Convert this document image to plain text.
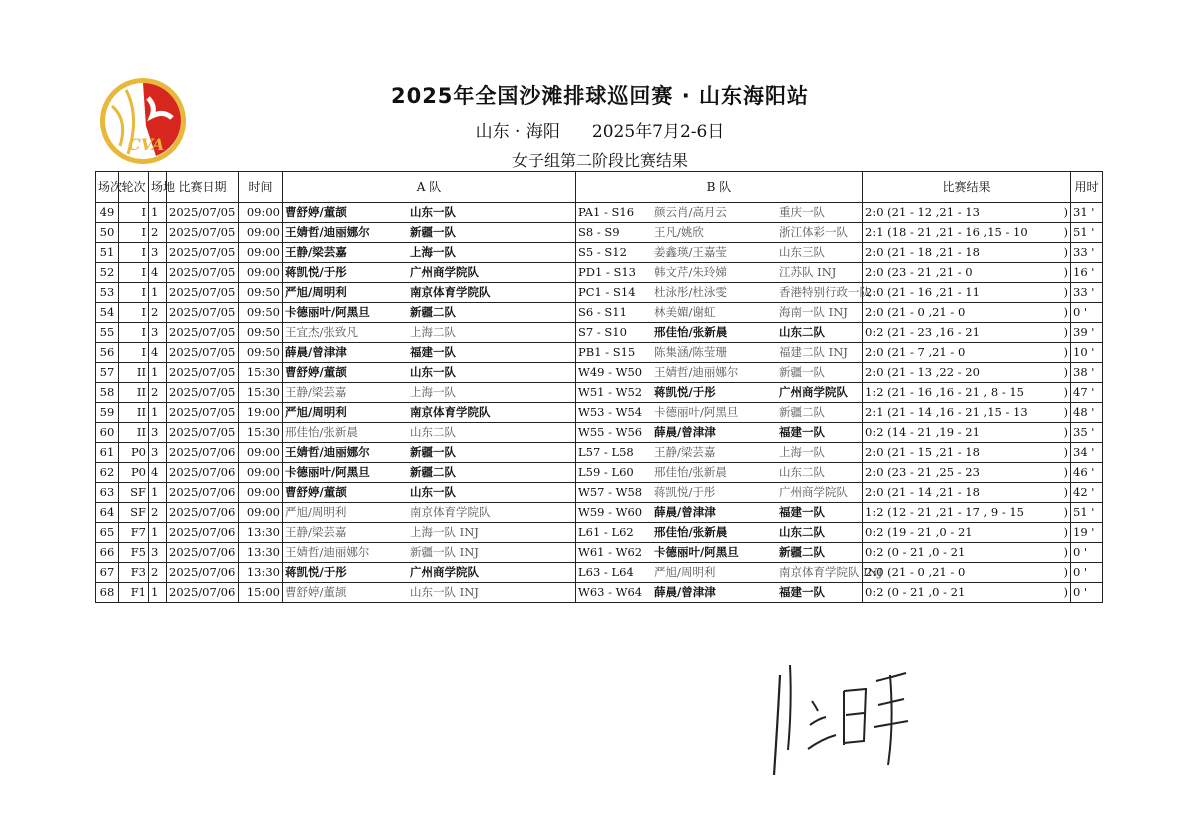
CVA
2025年全国沙滩排球巡回赛 · 山东海阳站
山东 · 海阳 2025年7月2-6日
女子组第二阶段比赛结果
场次	轮次	场地	比赛日期	时间	A 队	B 队	比赛结果	用时
49	I	1	2025/07/05	09:00	曹舒婷/董颉 山东一队	PA1 - S16 颜云肖/高月云 重庆一队	2:0 (21 - 12 ,21 - 13 )	31 '
50	I	2	2025/07/05	09:00	王婧哲/迪丽娜尔 新疆一队	S8 - S9 王凡/姚欣 浙江体彩一队	2:1 (18 - 21 ,21 - 16 ,15 - 10 )	51 '
51	I	3	2025/07/05	09:00	王静/梁芸嘉 上海一队	S5 - S12 姜鑫瑛/王嘉莹 山东三队	2:0 (21 - 18 ,21 - 18 )	33 '
52	I	4	2025/07/05	09:00	蒋凯悦/于彤 广州商学院队	PD1 - S13 韩文芹/朱玲娣 江苏队 INJ	2:0 (23 - 21 ,21 - 0 )	16 '
53	I	1	2025/07/05	09:50	严旭/周明利 南京体育学院队	PC1 - S14 杜泳彤/杜泳雯 香港特别行政一队	2:0 (21 - 16 ,21 - 11 )	33 '
54	I	2	2025/07/05	09:50	卡德丽叶/阿黑旦 新疆二队	S6 - S11 林美媚/谢虹 海南一队 INJ	2:0 (21 - 0 ,21 - 0 )	0 '
55	I	3	2025/07/05	09:50	王宜杰/张致凡 上海二队	S7 - S10 邢佳怡/张新晨 山东二队	0:2 (21 - 23 ,16 - 21 )	39 '
56	I	4	2025/07/05	09:50	薛晨/曾津津 福建一队	PB1 - S15 陈集涵/陈莹珊 福建二队 INJ	2:0 (21 - 7 ,21 - 0 )	10 '
57	II	1	2025/07/05	15:30	曹舒婷/董颉 山东一队	W49 - W50 王婧哲/迪丽娜尔 新疆一队	2:0 (21 - 13 ,22 - 20 )	38 '
58	II	2	2025/07/05	15:30	王静/梁芸嘉 上海一队	W51 - W52 蒋凯悦/于彤 广州商学院队	1:2 (21 - 16 ,16 - 21 , 8 - 15 )	47 '
59	II	1	2025/07/05	19:00	严旭/周明利 南京体育学院队	W53 - W54 卡德丽叶/阿黑旦 新疆二队	2:1 (21 - 14 ,16 - 21 ,15 - 13 )	48 '
60	II	3	2025/07/05	15:30	邢佳怡/张新晨 山东二队	W55 - W56 薛晨/曾津津 福建一队	0:2 (14 - 21 ,19 - 21 )	35 '
61	P0	3	2025/07/06	09:00	王婧哲/迪丽娜尔 新疆一队	L57 - L58 王静/梁芸嘉 上海一队	2:0 (21 - 15 ,21 - 18 )	34 '
62	P0	4	2025/07/06	09:00	卡德丽叶/阿黑旦 新疆二队	L59 - L60 邢佳怡/张新晨 山东二队	2:0 (23 - 21 ,25 - 23 )	46 '
63	SF	1	2025/07/06	09:00	曹舒婷/董颉 山东一队	W57 - W58 蒋凯悦/于彤 广州商学院队	2:0 (21 - 14 ,21 - 18 )	42 '
64	SF	2	2025/07/06	09:00	严旭/周明利 南京体育学院队	W59 - W60 薛晨/曾津津 福建一队	1:2 (12 - 21 ,21 - 17 , 9 - 15 )	51 '
65	F7	1	2025/07/06	13:30	王静/梁芸嘉 上海一队 INJ	L61 - L62 邢佳怡/张新晨 山东二队	0:2 (19 - 21 ,0 - 21 )	19 '
66	F5	3	2025/07/06	13:30	王婧哲/迪丽娜尔 新疆一队 INJ	W61 - W62 卡德丽叶/阿黑旦 新疆二队	0:2 (0 - 21 ,0 - 21 )	0 '
67	F3	2	2025/07/06	13:30	蒋凯悦/于彤 广州商学院队	L63 - L64 严旭/周明利 南京体育学院队 INJ	2:0 (21 - 0 ,21 - 0 )	0 '
68	F1	1	2025/07/06	15:00	曹舒婷/董颉 山东一队 INJ	W63 - W64 薛晨/曾津津 福建一队	0:2 (0 - 21 ,0 - 21 )	0 '
